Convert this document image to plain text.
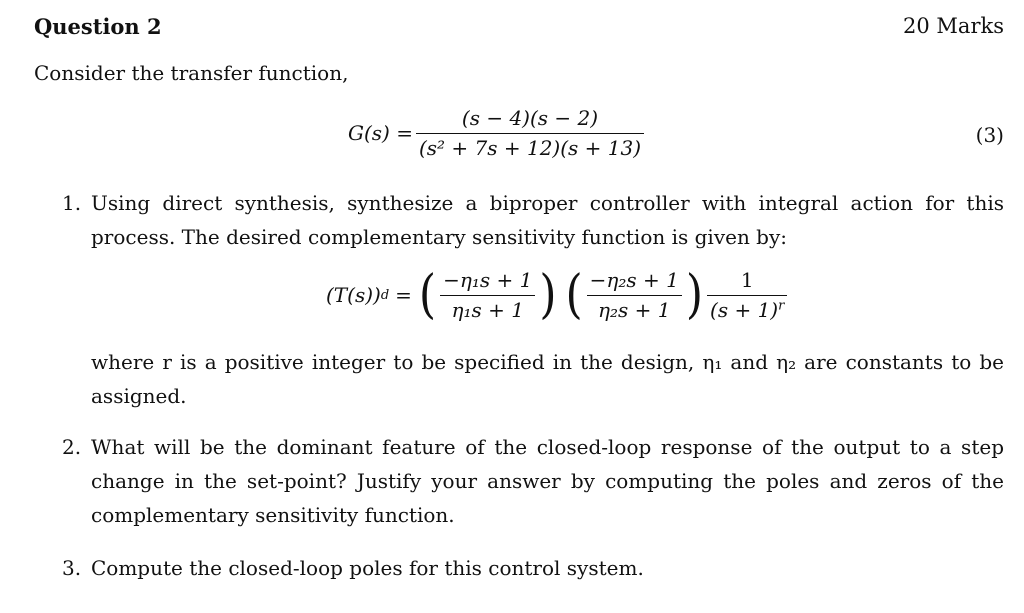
Question 2	20 Marks
Consider the transfer function,
$G(s) = \frac{(s - 4)(s - 2)}{\text{(s² + 7s + 12)(s + 13)}}$	(3)
1. Using direct synthesis, synthesize a biproper controller with integral action for this process. The desired complementary sensitivity function is given by:
(T(s)) d = ( $\frac{\text{−η₁s + 1}}{\text{η₁s + 1}}$ ) ( $\frac{\text{−η₂s + 1}}{\text{η₂s + 1}}$ ) $\frac{1}{(s + 1)^r}$
where r is a positive integer to be specified in the design, η₁ and η₂ are constants to be assigned.
2. What will be the dominant feature of the closed-loop response of the output to a step change in the set-point? Justify your answer by computing the poles and zeros of the complementary sensitivity function.
3. Compute the closed-loop poles for this control system.
